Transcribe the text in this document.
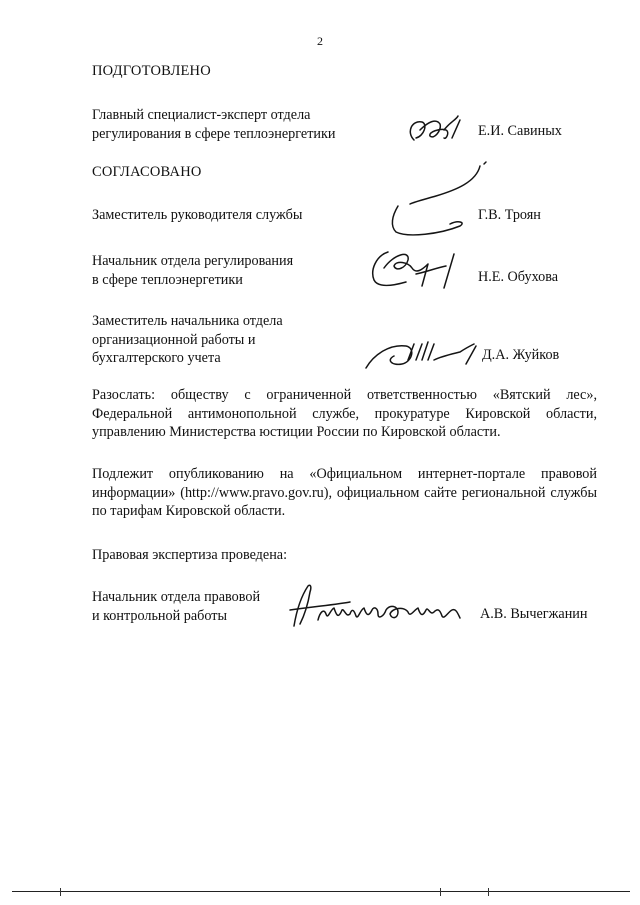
2
ПОДГОТОВЛЕНО
Главный специалист-эксперт отдела
регулирования в сфере теплоэнергетики	Е.И. Савиных
СОГЛАСОВАНО
Заместитель руководителя службы	Г.В. Троян
Начальник отдела регулирования
в сфере теплоэнергетики	Н.Е. Обухова
Заместитель начальника отдела
организационной работы и
бухгалтерского учета	Д.А. Жуйков
Разослать: обществу с ограниченной ответственностью «Вятский лес», Федеральной антимонопольной службе, прокуратуре Кировской области, управлению Министерства юстиции России по Кировской области.
Подлежит опубликованию на «Официальном интернет-портале правовой информации» (http://www.pravo.gov.ru), официальном сайте региональной службы по тарифам Кировской области.
Правовая экспертиза проведена:
Начальник отдела правовой
и контрольной работы	А.В. Вычегжанин
